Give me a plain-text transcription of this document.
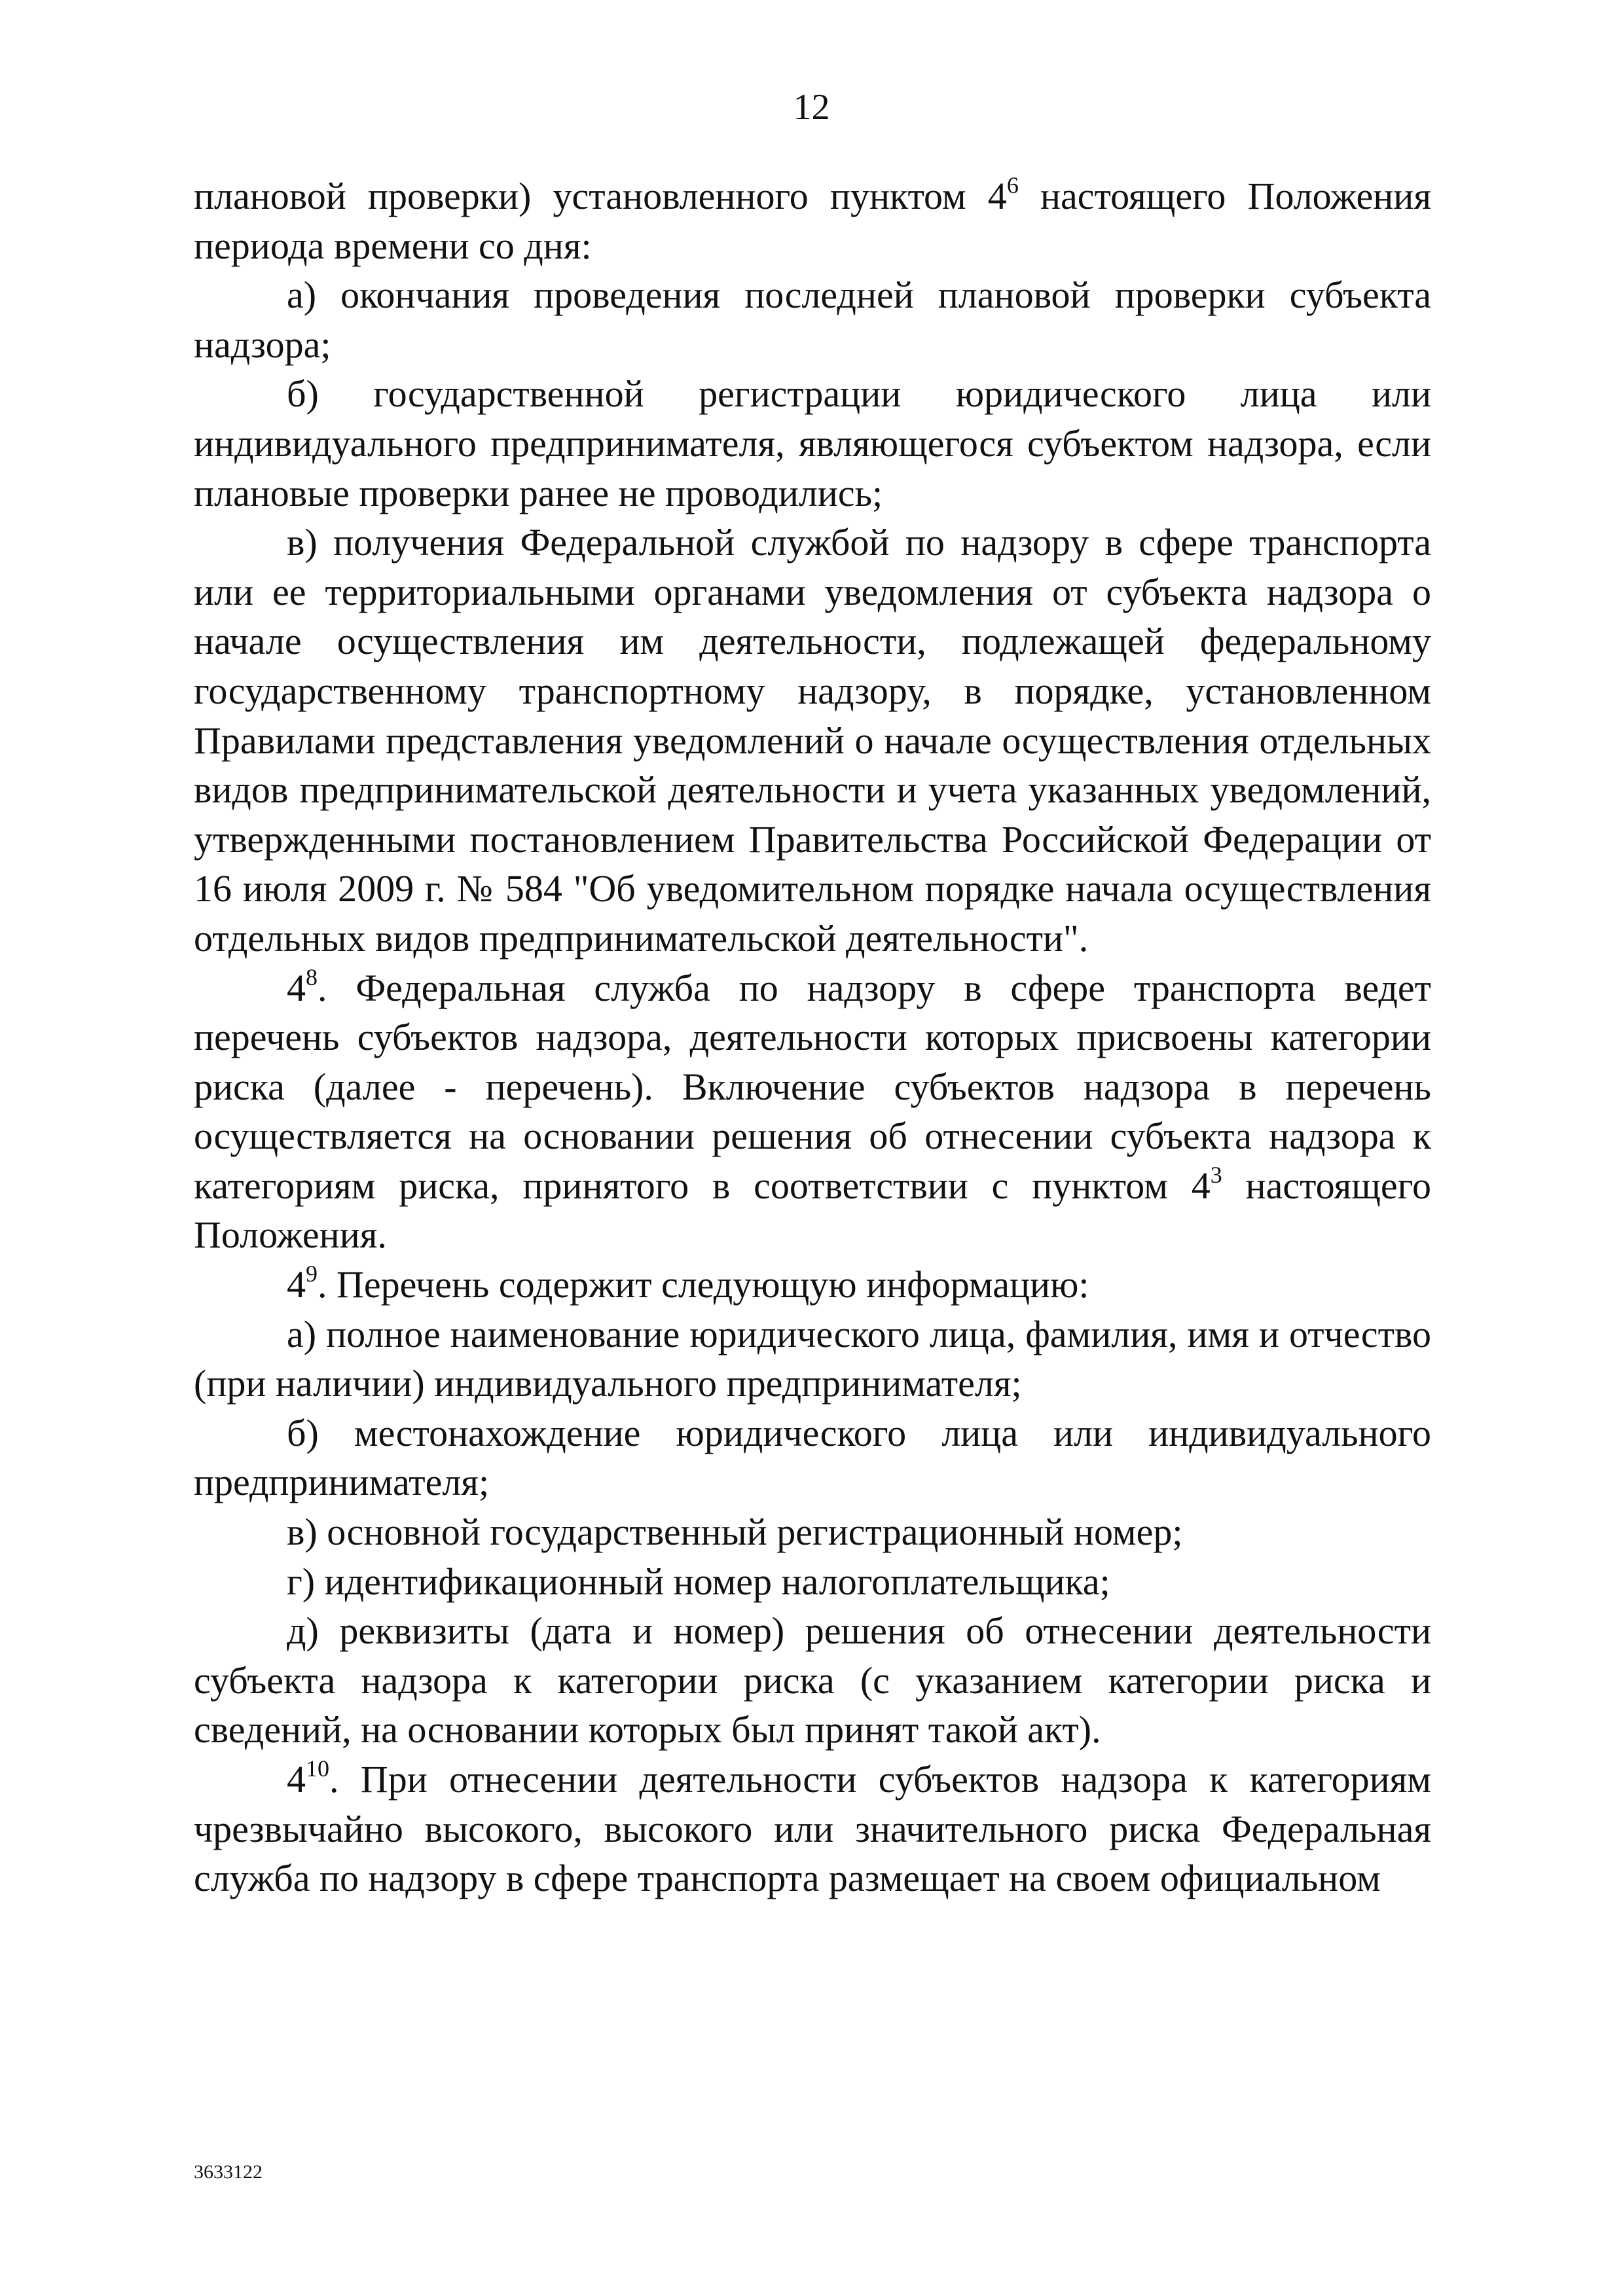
12

плановой проверки) установленного пунктом $4^6$ настоящего Положения периода времени со дня:

а) окончания проведения последней плановой проверки субъекта надзора;

б) государственной регистрации юридического лица или индивидуального предпринимателя, являющегося субъектом надзора, если плановые проверки ранее не проводились;

в) получения Федеральной службой по надзору в сфере транспорта или ее территориальными органами уведомления от субъекта надзора о начале осуществления им деятельности, подлежащей федеральному государственному транспортному надзору, в порядке, установленном Правилами представления уведомлений о начале осуществления отдельных видов предпринимательской деятельности и учета указанных уведомлений, утвержденными постановлением Правительства Российской Федерации от 16 июля 2009 г. № 584 "Об уведомительном порядке начала осуществления отдельных видов предпринимательской деятельности".

$4^8$. Федеральная служба по надзору в сфере транспорта ведет перечень субъектов надзора, деятельности которых присвоены категории риска (далее - перечень). Включение субъектов надзора в перечень осуществляется на основании решения об отнесении субъекта надзора к категориям риска, принятого в соответствии с пунктом $4^3$ настоящего Положения.

$4^9$. Перечень содержит следующую информацию:

а) полное наименование юридического лица, фамилия, имя и отчество (при наличии) индивидуального предпринимателя;

б) местонахождение юридического лица или индивидуального предпринимателя;

в) основной государственный регистрационный номер;

г) идентификационный номер налогоплательщика;

д) реквизиты (дата и номер) решения об отнесении деятельности субъекта надзора к категории риска (с указанием категории риска и сведений, на основании которых был принят такой акт).

$4^{10}$. При отнесении деятельности субъектов надзора к категориям чрезвычайно высокого, высокого или значительного риска Федеральная служба по надзору в сфере транспорта размещает на своем официальном

3633122
